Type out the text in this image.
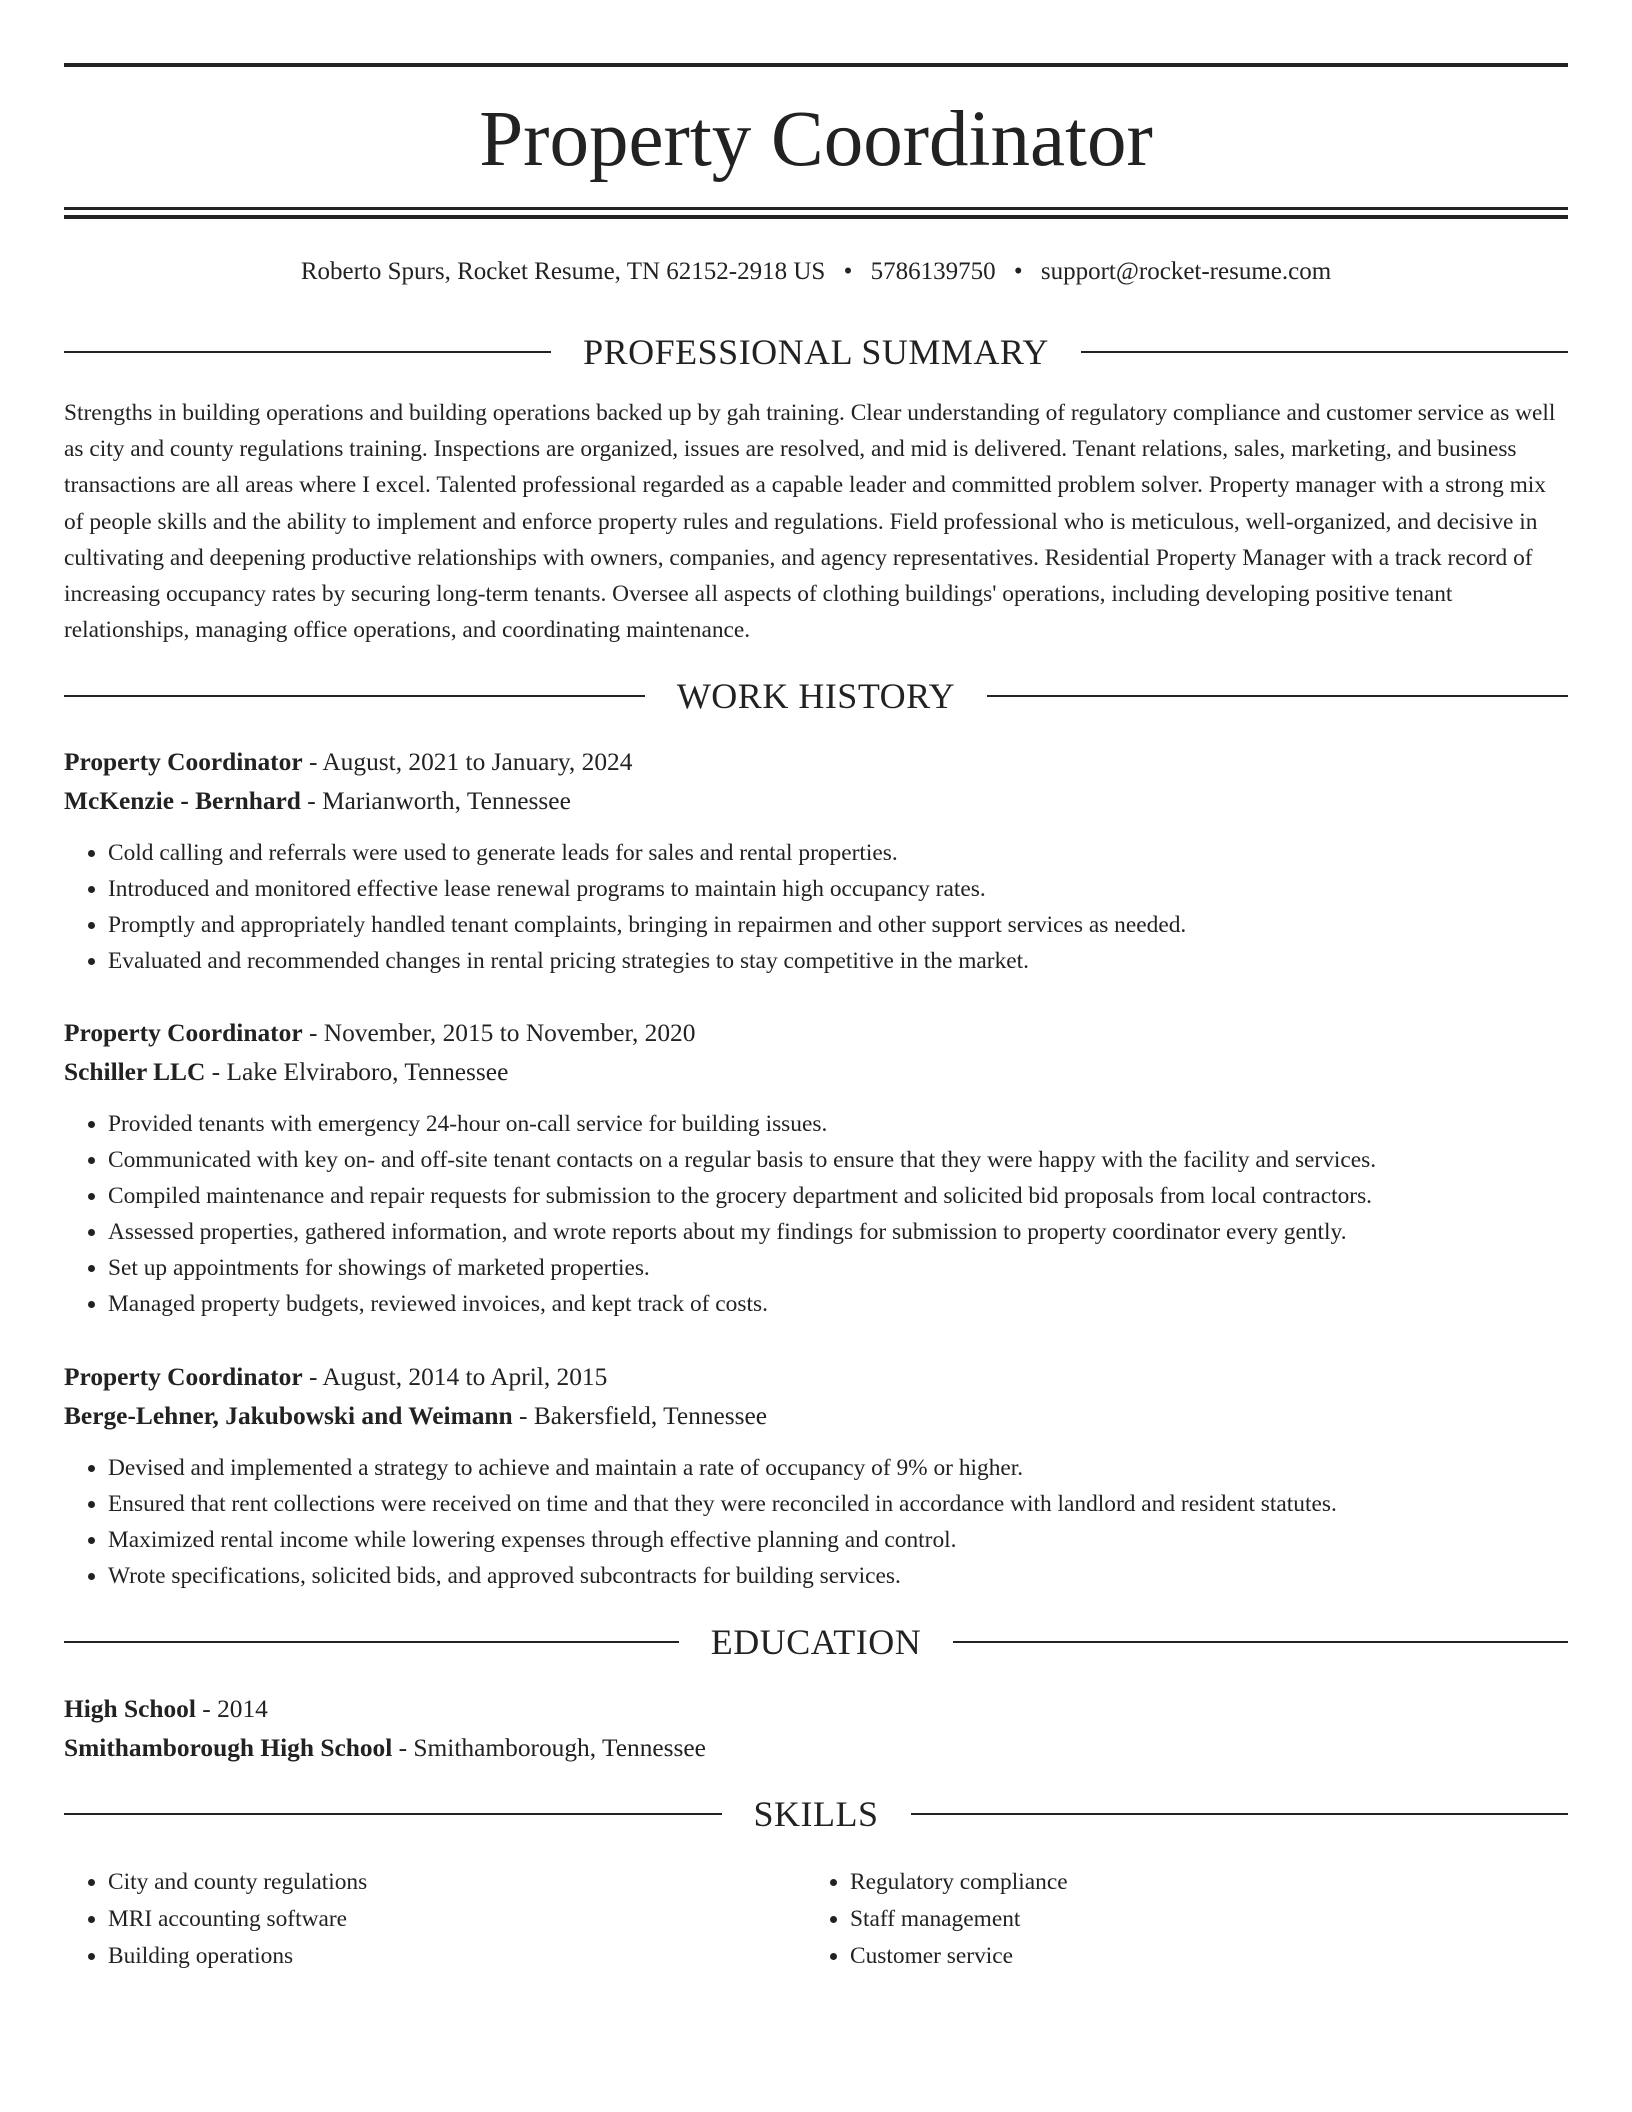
Property Coordinator
Roberto Spurs, Rocket Resume, TN 62152-2918 US • 5786139750 • support@rocket-resume.com
PROFESSIONAL SUMMARY

Strengths in building operations and building operations backed up by gah training. Clear understanding of regulatory compliance and customer service as well as city and county regulations training. Inspections are organized, issues are resolved, and mid is delivered. Tenant relations, sales, marketing, and business transactions are all areas where I excel. Talented professional regarded as a capable leader and committed problem solver. Property manager with a strong mix of people skills and the ability to implement and enforce property rules and regulations. Field professional who is meticulous, well-organized, and decisive in cultivating and deepening productive relationships with owners, companies, and agency representatives. Residential Property Manager with a track record of increasing occupancy rates by securing long-term tenants. Oversee all aspects of clothing buildings' operations, including developing positive tenant relationships, managing office operations, and coordinating maintenance.

WORK HISTORY
Property Coordinator - August, 2021 to January, 2024
McKenzie - Bernhard - Marianworth, Tennessee
• Cold calling and referrals were used to generate leads for sales and rental properties.
• Introduced and monitored effective lease renewal programs to maintain high occupancy rates.
• Promptly and appropriately handled tenant complaints, bringing in repairmen and other support services as needed.
• Evaluated and recommended changes in rental pricing strategies to stay competitive in the market.
Property Coordinator - November, 2015 to November, 2020
Schiller LLC - Lake Elviraboro, Tennessee
• Provided tenants with emergency 24-hour on-call service for building issues.
• Communicated with key on- and off-site tenant contacts on a regular basis to ensure that they were happy with the facility and services.
• Compiled maintenance and repair requests for submission to the grocery department and solicited bid proposals from local contractors.
• Assessed properties, gathered information, and wrote reports about my findings for submission to property coordinator every gently.
• Set up appointments for showings of marketed properties.
• Managed property budgets, reviewed invoices, and kept track of costs.
Property Coordinator - August, 2014 to April, 2015
Berge-Lehner, Jakubowski and Weimann - Bakersfield, Tennessee
• Devised and implemented a strategy to achieve and maintain a rate of occupancy of 9% or higher.
• Ensured that rent collections were received on time and that they were reconciled in accordance with landlord and resident statutes.
• Maximized rental income while lowering expenses through effective planning and control.
• Wrote specifications, solicited bids, and approved subcontracts for building services.
EDUCATION
High School - 2014
Smithamborough High School - Smithamborough, Tennessee
SKILLS
• City and county regulations
• MRI accounting software
• Building operations
• Regulatory compliance
• Staff management
• Customer service
